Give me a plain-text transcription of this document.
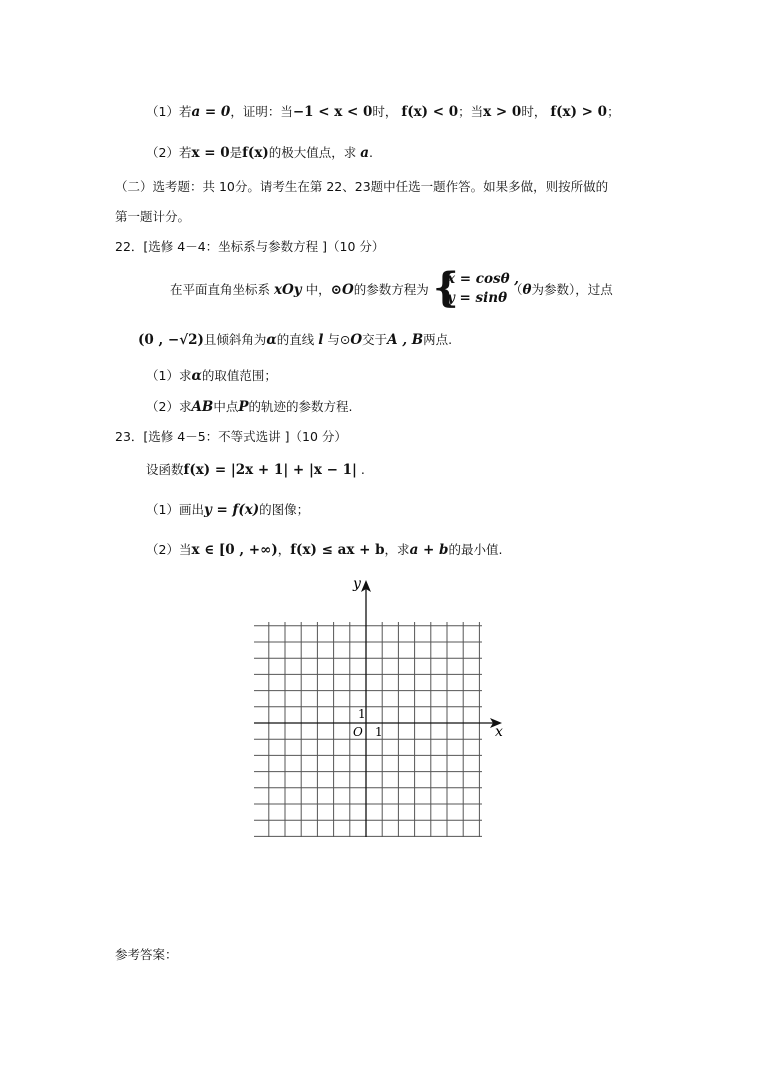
（1）若a = 0，证明：当−1 < x < 0时， f(x) < 0；当x > 0时， f(x) > 0；
（2）若x = 0是f(x)的极大值点，求 a.
（二）选考题：共 10分。请考生在第 22、23题中任选一题作答。如果多做，则按所做的
第一题计分。
22．[选修 4－4：坐标系与参数方程 ]（10 分）
在平面直角坐标系 xOy 中，⊙O的参数方程为 {
x = cosθ ,
y = sinθ
（θ为参数），过点
(0 , −√2)且倾斜角为α的直线 l 与⊙O交于A , B两点.
（1）求α的取值范围；
（2）求AB中点P的轨迹的参数方程.
23．[选修 4－5：不等式选讲 ]（10 分）
设函数f(x) = |2x + 1| + |x − 1| .
（1）画出y = f(x)的图像；
（2）当x ∈ [0 , +∞)，f(x) ≤ ax + b，求a + b的最小值.
y
x
O 1
1
参考答案：
